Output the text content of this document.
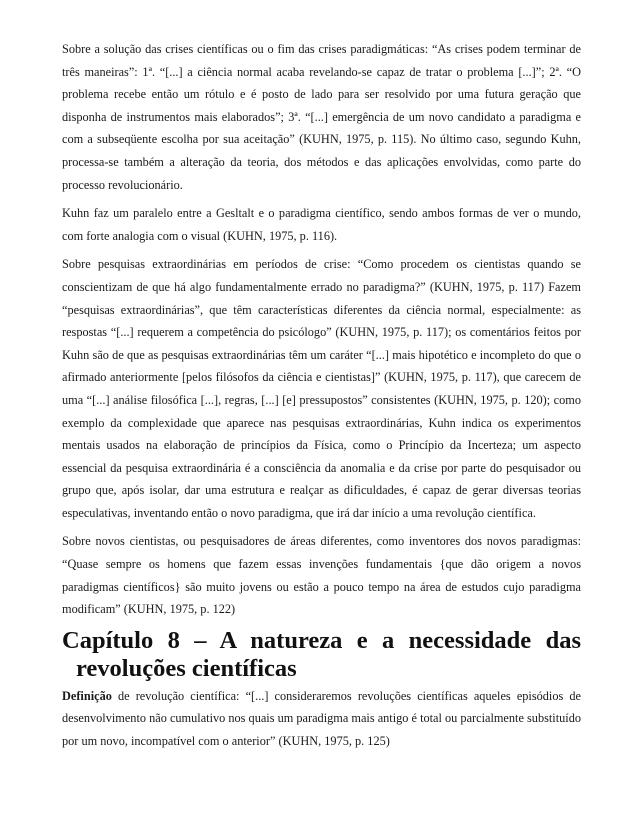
Sobre a solução das crises científicas ou o fim das crises paradigmáticas: “As crises podem terminar de três maneiras”: 1ª. “[...] a ciência normal acaba revelando-se capaz de tratar o problema [...]”; 2ª. “O problema recebe então um rótulo e é posto de lado para ser resolvido por uma futura geração que disponha de instrumentos mais elaborados”; 3ª. “[...] emergência de um novo candidato a paradigma e com a subseqüente escolha por sua aceitação” (KUHN, 1975, p. 115). No último caso, segundo Kuhn, processa-se também a alteração da teoria, dos métodos e das aplicações envolvidas, como parte do processo revolucionário.

Kuhn faz um paralelo entre a Gesltalt e o paradigma científico, sendo ambos formas de ver o mundo, com forte analogia com o visual (KUHN, 1975, p. 116).

Sobre pesquisas extraordinárias em períodos de crise: “Como procedem os cientistas quando se conscientizam de que há algo fundamentalmente errado no paradigma?” (KUHN, 1975, p. 117) Fazem “pesquisas extraordinárias”, que têm características diferentes da ciência normal, especialmente: as respostas “[...] requerem a competência do psicólogo” (KUHN, 1975, p. 117); os comentários feitos por Kuhn são de que as pesquisas extraordinárias têm um caráter “[...] mais hipotético e incompleto do que o afirmado anteriormente [pelos filósofos da ciência e cientistas]” (KUHN, 1975, p. 117), que carecem de uma “[...] análise filosófica [...], regras, [...] [e] pressupostos” consistentes (KUHN, 1975, p. 120); como exemplo da complexidade que aparece nas pesquisas extraordinárias, Kuhn indica os experimentos mentais usados na elaboração de princípios da Física, como o Princípio da Incerteza; um aspecto essencial da pesquisa extraordinária é a consciência da anomalia e da crise por parte do pesquisador ou grupo que, após isolar, dar uma estrutura e realçar as dificuldades, é capaz de gerar diversas teorias especulativas, inventando então o novo paradigma, que irá dar início a uma revolução científica.

Sobre novos cientistas, ou pesquisadores de áreas diferentes, como inventores dos novos paradigmas: “Quase sempre os homens que fazem essas invenções fundamentais {que dão origem a novos paradigmas científicos} são muito jovens ou estão a pouco tempo na área de estudos cujo paradigma modificam” (KUHN, 1975, p. 122)

Capítulo 8 – A natureza e a necessidade das revoluções científicas

Definição de revolução científica: “[...] consideraremos revoluções científicas aqueles episódios de desenvolvimento não cumulativo nos quais um paradigma mais antigo é total ou parcialmente substituído por um novo, incompatível com o anterior” (KUHN, 1975, p. 125)
